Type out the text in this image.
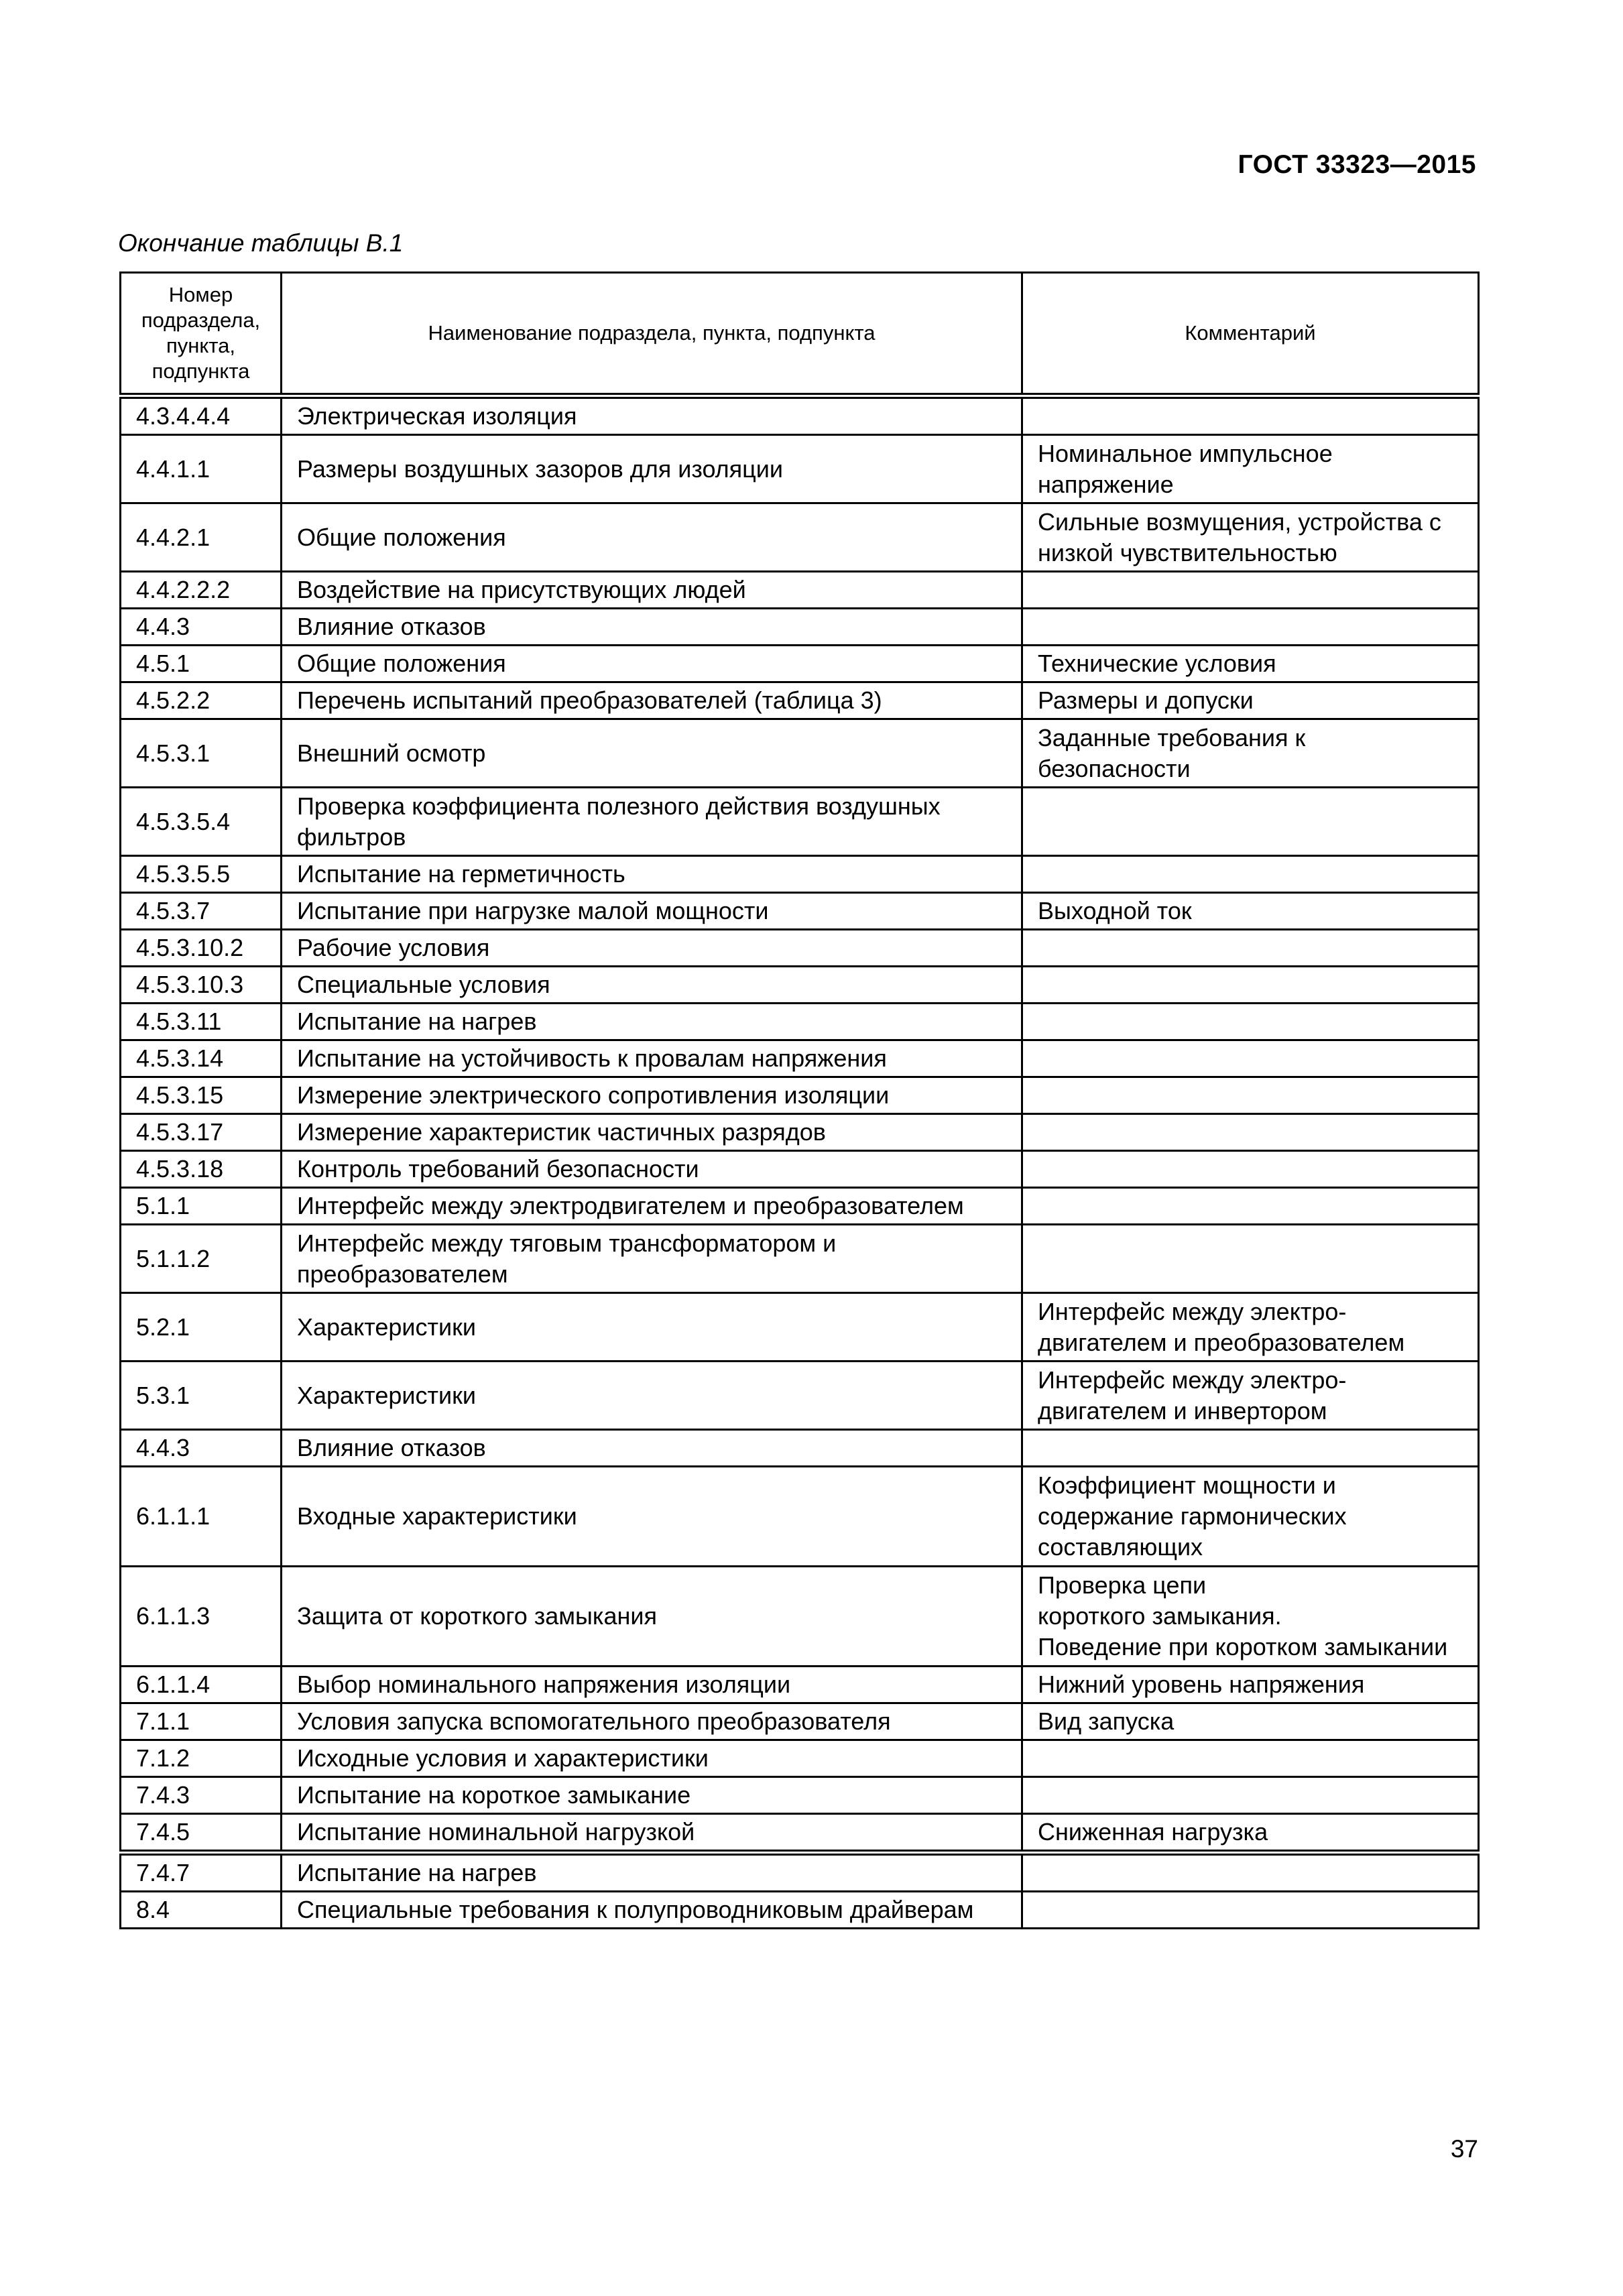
ГОСТ 33323—2015
Окончание таблицы В.1
Номер подраздела, пункта, подпункта	Наименование подраздела, пункта, подпункта	Комментарий
4.3.4.4.4	Электрическая изоляция	
4.4.1.1	Размеры воздушных зазоров для изоляции	Номинальное импульсное
напряжение
4.4.2.1	Общие положения	Сильные возмущения, устройства с
низкой чувствительностью
4.4.2.2.2	Воздействие на присутствующих людей	
4.4.3	Влияние отказов	
4.5.1	Общие положения	Технические условия
4.5.2.2	Перечень испытаний преобразователей (таблица 3)	Размеры и допуски
4.5.3.1	Внешний осмотр	Заданные требования к
безопасности
4.5.3.5.4	Проверка коэффициента полезного действия воздушных
фильтров	
4.5.3.5.5	Испытание на герметичность	
4.5.3.7	Испытание при нагрузке малой мощности	Выходной ток
4.5.3.10.2	Рабочие условия	
4.5.3.10.3	Специальные условия	
4.5.3.11	Испытание на нагрев	
4.5.3.14	Испытание на устойчивость к провалам напряжения	
4.5.3.15	Измерение электрического сопротивления изоляции	
4.5.3.17	Измерение характеристик частичных разрядов	
4.5.3.18	Контроль требований безопасности	
5.1.1	Интерфейс между электродвигателем и преобразователем	
5.1.1.2	Интерфейс между тяговым трансформатором и
преобразователем	
5.2.1	Характеристики	Интерфейс между электро-
двигателем и преобразователем
5.3.1	Характеристики	Интерфейс между электро-
двигателем и инвертором
4.4.3	Влияние отказов	
6.1.1.1	Входные характеристики	Коэффициент мощности и
содержание гармонических
составляющих
6.1.1.3	Защита от короткого замыкания	Проверка цепи
короткого замыкания.
Поведение при коротком замыкании
6.1.1.4	Выбор номинального напряжения изоляции	Нижний уровень напряжения
7.1.1	Условия запуска вспомогательного преобразователя	Вид запуска
7.1.2	Исходные условия и характеристики	
7.4.3	Испытание на короткое замыкание	
7.4.5	Испытание номинальной нагрузкой	Сниженная нагрузка
7.4.7	Испытание на нагрев	
8.4	Специальные требования к полупроводниковым драйверам	
37
